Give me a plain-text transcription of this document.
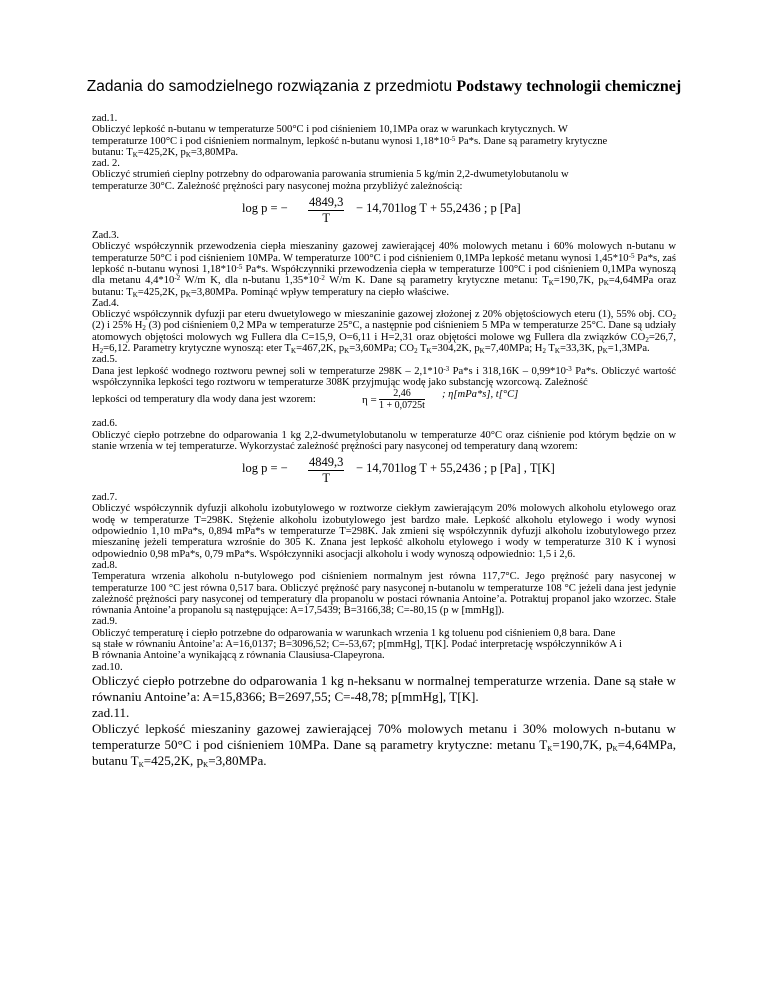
Zadania do samodzielnego rozwiązania z przedmiotu Podstawy technologii chemicznej

zad.1.

Obliczyć lepkość n-butanu w temperaturze 500°C i pod ciśnieniem 10,1MPa oraz w warunkach krytycznych. W

temperaturze 100°C i pod ciśnieniem normalnym, lepkość n-butanu wynosi $1,18*10^{-5}$ Pa*s. Dane są parametry krytyczne

butanu: $T_K=425,2K$, $p_K=3,80MPa$.

zad. 2.

Obliczyć strumień cieplny potrzebny do odparowania parowania strumienia 5 kg/min 2,2-dwumetylobutanolu w

temperaturze 30°C. Zależność prężności pary nasyconej można przybliżyć zależnością:

log p = − $\frac{4849,3}{T} - 14,701\log$ T + 55,2436 ; p [Pa]

Zad.3.

Obliczyć współczynnik przewodzenia ciepła mieszaniny gazowej zawierającej 40% molowych metanu i 60% molowych n-butanu w temperaturze 50°C i pod ciśnieniem 10MPa. W temperaturze 100°C i pod ciśnieniem 0,1MPa lepkość metanu wynosi $1,45*10^{-5}$ Pa*s, zaś lepkość n-butanu wynosi $1,18*10^{-5}$ Pa*s. Współczynniki przewodzenia ciepła w temperaturze 100°C i pod ciśnieniem 0,1MPa wynoszą dla metanu $4,4*10^{-2}$ W/m K, dla n-butanu $1,35*10^{-2}$ W/m K. Dane są parametry krytyczne metanu: $T_K=190,7K$, $p_K=4,64MPa$ oraz butanu: $T_K=425,2K$, $p_K=3,80MPa$. Pominąć wpływ temperatury na ciepło właściwe.

Zad.4.

Obliczyć współczynnik dyfuzji par eteru dwuetylowego w mieszaninie gazowej złożonej z 20% objętościowych eteru (1), 55% obj. $CO_2$ (2) i 25% $H_2$ (3) pod ciśnieniem 0,2 MPa w temperaturze 25°C, a następnie pod ciśnieniem 5 MPa w temperaturze 25°C. Dane są udziały atomowych objętości molowych wg Fullera dla C=15,9, O=6,11 i H=2,31 oraz objętości molowe wg Fullera dla związków $CO_2=26,7$, $H_2=6,12$. Parametry krytyczne wynoszą: eter $T_K=467,2K$, $p_K=3,60MPa$; $CO_2$ $T_K=304,2K$, $p_K=7,40MPa$; $H_2$ $T_K=33,3K$, $p_K=1,3MPa$.

zad.5.

Dana jest lepkość wodnego roztworu pewnej soli w temperaturze $298K - 2,1*10^{-3}$ Pa*s i $318,16K - 0,99*10^{-3}$ Pa*s. Obliczyć wartość współczynnika lepkości tego roztworu w temperaturze 308K przyjmując wodę jako substancję wzorcową. Zależność

lepkości od temperatury dla wody dana jest wzorem:	$\eta = \frac{2,46}{1 + 0,0725t}$ ; η[mPa*s], t[°C]

zad.6.

Obliczyć ciepło potrzebne do odparowania 1 kg 2,2-dwumetylobutanolu w temperaturze 40°C oraz ciśnienie pod którym będzie on w stanie wrzenia w tej temperaturze. Wykorzystać zależność prężności pary nasyconej od temperatury daną wzorem:

log p = − $\frac{4849,3}{T} - 14,701\log$ T + 55,2436 ; p [Pa] , T[K]

zad.7.

Obliczyć współczynnik dyfuzji alkoholu izobutylowego w roztworze ciekłym zawierającym 20% molowych alkoholu etylowego oraz wodę w temperaturze T=298K. Stężenie alkoholu izobutylowego jest bardzo małe. Lepkość alkoholu etylowego i wody wynosi odpowiednio 1,10 mPa*s, 0,894 mPa*s w temperaturze T=298K. Jak zmieni się współczynnik dyfuzji alkoholu izobutylowego przez mieszaninę jeżeli temperatura wzrośnie do 305 K. Znana jest lepkość alkoholu etylowego i wody w temperaturze 310 K i wynosi odpowiednio 0,98 mPa*s, 0,79 mPa*s. Współczynniki asocjacji alkoholu i wody wynoszą odpowiednio: 1,5 i 2,6.

zad.8.

Temperatura wrzenia alkoholu n-butylowego pod ciśnieniem normalnym jest równa 117,7°C. Jego prężność pary nasyconej w temperaturze 100 °C jest równa 0,517 bara. Obliczyć prężność pary nasyconej n-butanolu w temperaturze 108 °C jeżeli dana jest jedynie zależność prężności pary nasyconej od temperatury dla propanolu w postaci równania Antoine’a. Potraktuj propanol jako wzorzec. Stałe równania Antoine’a propanolu są następujące: A=17,5439; B=3166,38; C=-80,15 (p w [mmHg]).

zad.9.

Obliczyć temperaturę i ciepło potrzebne do odparowania w warunkach wrzenia 1 kg toluenu pod ciśnieniem 0,8 bara. Dane

są stałe w równaniu Antoine’a: A=16,0137; B=3096,52; C=-53,67; p[mmHg], T[K]. Podać interpretację współczynników A i

B równania Antoine’a wynikającą z równania Clausiusa-Clapeyrona.

zad.10.

Obliczyć ciepło potrzebne do odparowania 1 kg n-heksanu w normalnej temperaturze wrzenia. Dane są stałe w równaniu Antoine’a: A=15,8366; B=2697,55; C=-48,78; p[mmHg], T[K].

zad.11.

Obliczyć lepkość mieszaniny gazowej zawierającej 70% molowych metanu i 30% molowych n-butanu w temperaturze 50°C i pod ciśnieniem 10MPa. Dane są parametry krytyczne: metanu $T_K=190,7K$, $p_K=4,64MPa$, butanu $T_K=425,2K$, $p_K=3,80MPa$.
